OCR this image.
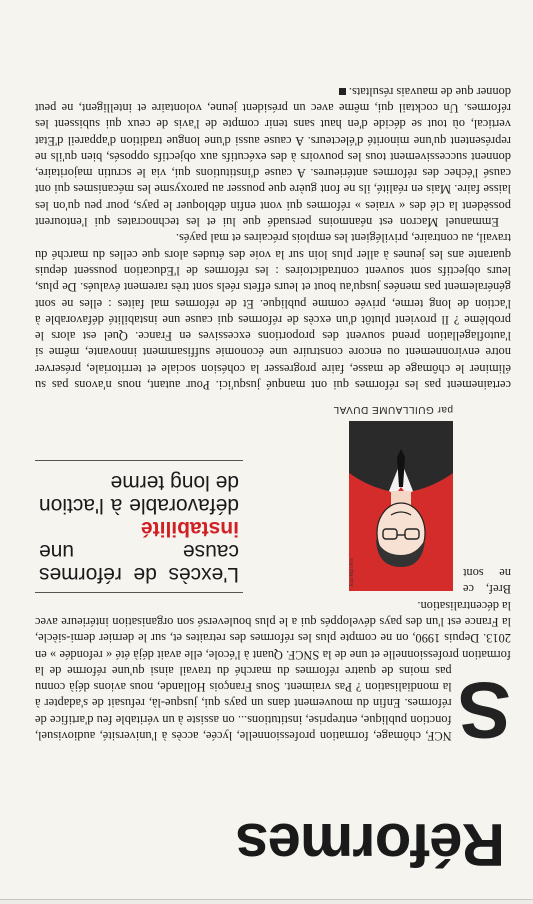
Réformes
S

NCF, chômage, formation professionnelle, lycée, accès à l'université, audiovisuel, fonction publique, entreprise, institutions... on assiste à un véritable feu d'artifice de réformes. Enfin du mouvement dans un pays qui, jusque-là, refusait de s'adapter à la mondialisation ? Pas vraiment. Sous François Hollande, nous avions déjà connu pas moins de quatre réformes du marché du travail ainsi qu'une réforme de la formation professionnelle et une de la SNCF. Quant à l'école, elle avait déjà été « refondée » en 2013. Depuis 1990, on ne compte plus les réformes des retraites et, sur le dernier demi-siècle, la France est l'un des pays développés qui a le plus bouleversé son organisation intérieure avec la décentralisation.

L'excès de réformes cause une instabilité défavorable à l'action de long terme
Joan Mart Fos
par GUILLAUME DUVAL

Bref, ce ne sont certainement pas les réformes qui ont manqué jusqu'ici. Pour autant, nous n'avons pas su éliminer le chômage de masse, faire progresser la cohésion sociale et territoriale, préserver notre environnement ou encore construire une économie suffisamment innovante, même si l'autoflagellation prend souvent des proportions excessives en France. Quel est alors le problème ? Il provient plutôt d'un excès de réformes qui cause une instabilité défavorable à l'action de long terme, privée comme publique. Et de réformes mal faites : elles ne sont généralement pas menées jusqu'au bout et leurs effets réels sont très rarement évalués. De plus, leurs objectifs sont souvent contradictoires : les réformes de l'Education poussent depuis quarante ans les jeunes à aller plus loin sur la voie des études alors que celles du marché du travail, au contraire, privilégient les emplois précaires et mal payés.

Emmanuel Macron est néanmoins persuadé que lui et les technocrates qui l'entourent possèdent la clé des « vraies » réformes qui vont enfin débloquer le pays, pour peu qu'on les laisse faire. Mais en réalité, ils ne font guère que pousser au paroxysme les mécanismes qui ont causé l'échec des réformes antérieures. A cause d'institutions qui, via le scrutin majoritaire, donnent successivement tous les pouvoirs à des exécutifs aux objectifs opposés, bien qu'ils ne représentent qu'une minorité d'électeurs. A cause aussi d'une longue tradition d'appareil d'Etat vertical, où tout se décide d'en haut sans tenir compte de l'avis de ceux qui subissent les réformes. Un cocktail qui, même avec un président jeune, volontaire et intelligent, ne peut donner que de mauvais résultats.
